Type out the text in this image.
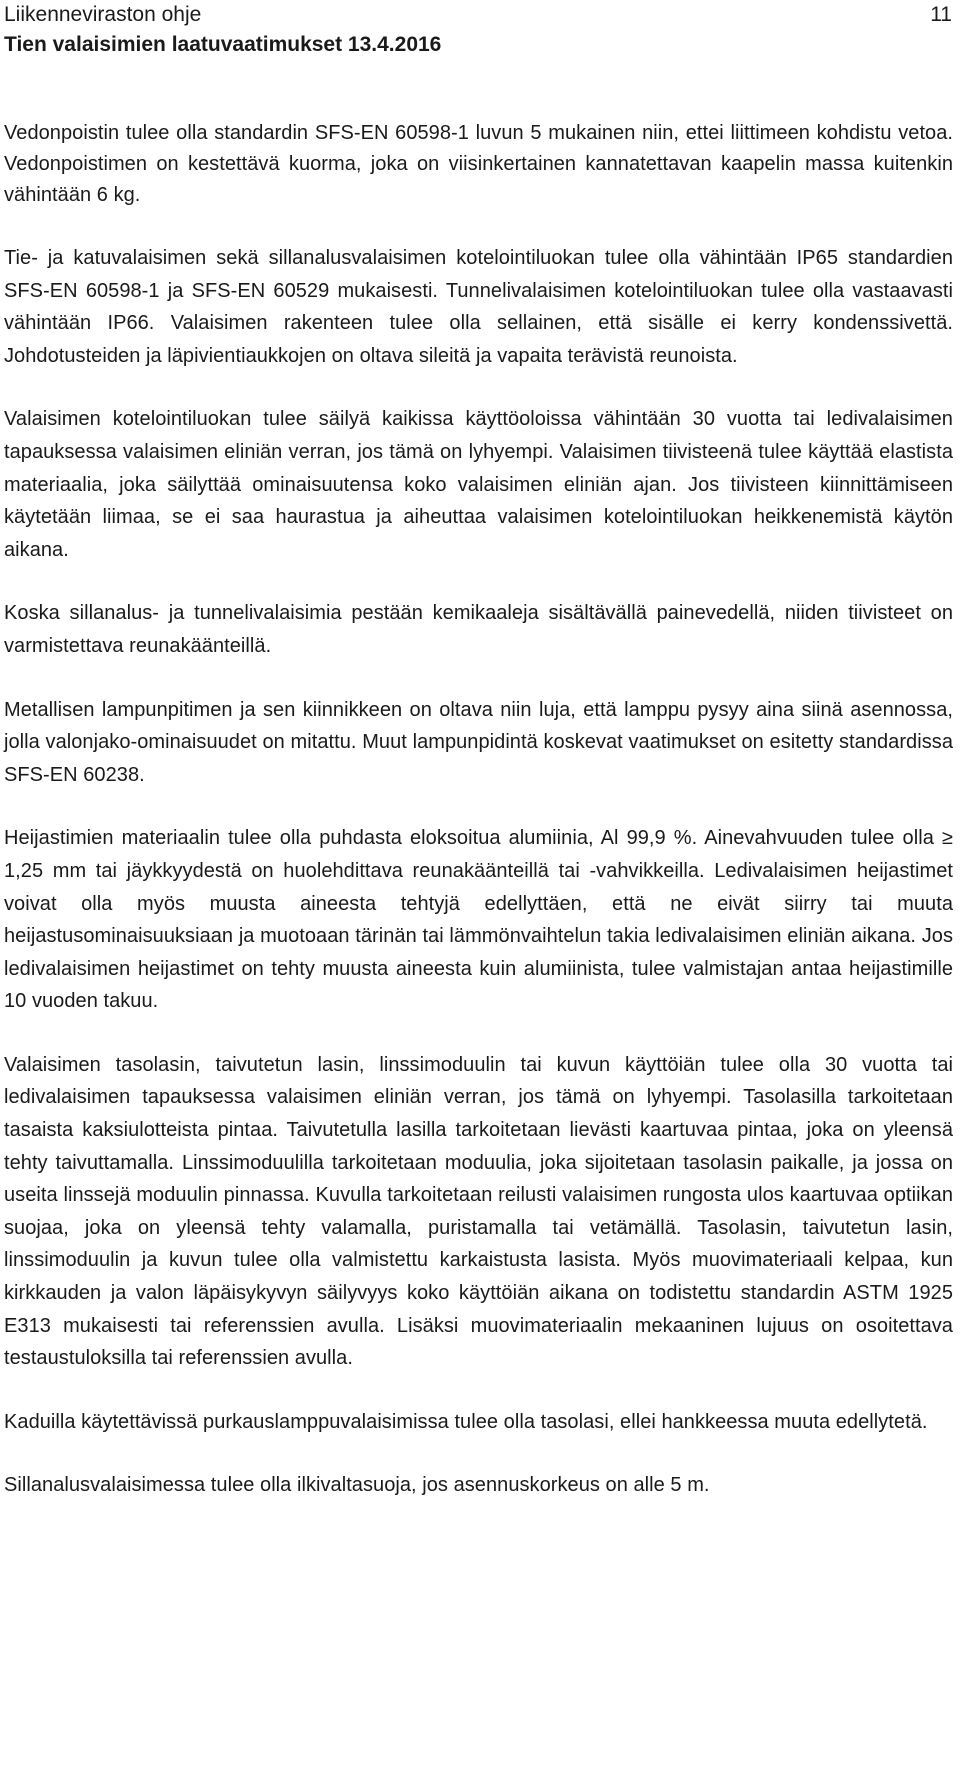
Liikenneviraston ohje
Tien valaisimien laatuvaatimukset 13.4.2016
11

Vedonpoistin tulee olla standardin SFS-EN 60598-1 luvun 5 mukainen niin, ettei liittimeen kohdistu vetoa. Vedonpoistimen on kestettävä kuorma, joka on viisinkertainen kannatettavan kaapelin massa kuitenkin vähintään 6 kg.

Tie- ja katuvalaisimen sekä sillanalusvalaisimen kotelointiluokan tulee olla vähintään IP65 standardien SFS-EN 60598-1 ja SFS-EN 60529 mukaisesti. Tunnelivalaisimen kotelointiluokan tulee olla vastaavasti vähintään IP66. Valaisimen rakenteen tulee olla sellainen, että sisälle ei kerry kondenssivettä. Johdotusteiden ja läpivientiaukkojen on oltava sileitä ja vapaita terävistä reunoista.

Valaisimen kotelointiluokan tulee säilyä kaikissa käyttöoloissa vähintään 30 vuotta tai ledivalaisimen tapauksessa valaisimen eliniän verran, jos tämä on lyhyempi. Valaisimen tiivisteenä tulee käyttää elastista materiaalia, joka säilyttää ominaisuutensa koko valaisimen eliniän ajan. Jos tiivisteen kiinnittämiseen käytetään liimaa, se ei saa haurastua ja aiheuttaa valaisimen kotelointiluokan heikkenemistä käytön aikana.

Koska sillanalus- ja tunnelivalaisimia pestään kemikaaleja sisältävällä painevedellä, niiden tiivisteet on varmistettava reunakäänteillä.

Metallisen lampunpitimen ja sen kiinnikkeen on oltava niin luja, että lamppu pysyy aina siinä asennossa, jolla valonjako-ominaisuudet on mitattu. Muut lampunpidintä koskevat vaatimukset on esitetty standardissa SFS-EN 60238.

Heijastimien materiaalin tulee olla puhdasta eloksoitua alumiinia, Al 99,9 %. Ainevahvuuden tulee olla ≥ 1,25 mm tai jäykkyydestä on huolehdittava reunakäänteillä tai -vahvikkeilla. Ledivalaisimen heijastimet voivat olla myös muusta aineesta tehtyjä edellyttäen, että ne eivät siirry tai muuta heijastusominaisuuksiaan ja muotoaan tärinän tai lämmönvaihtelun takia ledivalaisimen eliniän aikana. Jos ledivalaisimen heijastimet on tehty muusta aineesta kuin alumiinista, tulee valmistajan antaa heijastimille 10 vuoden takuu.

Valaisimen tasolasin, taivutetun lasin, linssimoduulin tai kuvun käyttöiän tulee olla 30 vuotta tai ledivalaisimen tapauksessa valaisimen eliniän verran, jos tämä on lyhyempi. Tasolasilla tarkoitetaan tasaista kaksiulotteista pintaa. Taivutetulla lasilla tarkoitetaan lievästi kaartuvaa pintaa, joka on yleensä tehty taivuttamalla. Linssimoduulilla tarkoitetaan moduulia, joka sijoitetaan tasolasin paikalle, ja jossa on useita linssejä moduulin pinnassa. Kuvulla tarkoitetaan reilusti valaisimen rungosta ulos kaartuvaa optiikan suojaa, joka on yleensä tehty valamalla, puristamalla tai vetämällä. Tasolasin, taivutetun lasin, linssimoduulin ja kuvun tulee olla valmistettu karkaistusta lasista. Myös muovimateriaali kelpaa, kun kirkkauden ja valon läpäisykyvyn säilyvyys koko käyttöiän aikana on todistettu standardin ASTM 1925 E313 mukaisesti tai referenssien avulla. Lisäksi muovimateriaalin mekaaninen lujuus on osoitettava testaustuloksilla tai referenssien avulla.

Kaduilla käytettävissä purkauslamppuvalaisimissa tulee olla tasolasi, ellei hankkeessa muuta edellytetä.

Sillanalusvalaisimessa tulee olla ilkivaltasuoja, jos asennuskorkeus on alle 5 m.
